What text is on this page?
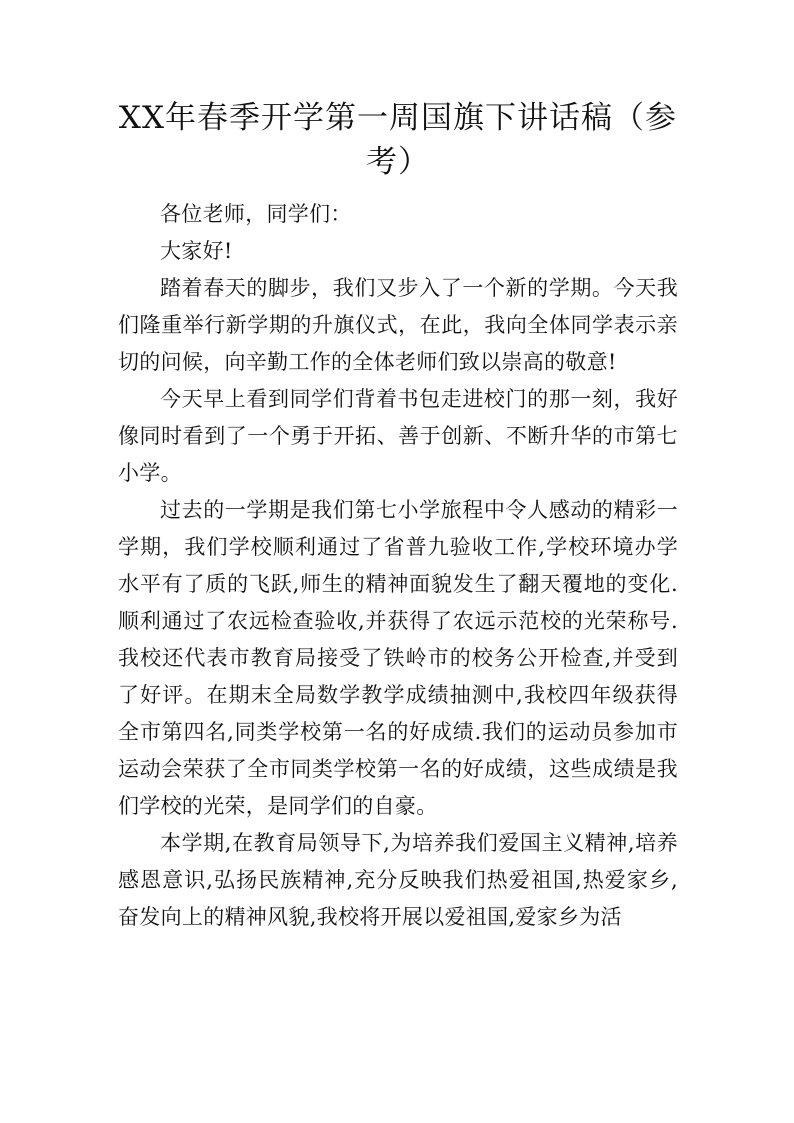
XX年春季开学第一周国旗下讲话稿（参考）

各位老师，同学们：

大家好!

踏着春天的脚步，我们又步入了一个新的学期。今天我们隆重举行新学期的升旗仪式，在此，我向全体同学表示亲切的问候，向辛勤工作的全体老师们致以崇高的敬意!

今天早上看到同学们背着书包走进校门的那一刻，我好像同时看到了一个勇于开拓、善于创新、不断升华的市第七小学。

过去的一学期是我们第七小学旅程中令人感动的精彩一学期，我们学校顺利通过了省普九验收工作,学校环境办学水平有了质的飞跃,师生的精神面貌发生了翻天覆地的变化.顺利通过了农远检查验收,并获得了农远示范校的光荣称号.我校还代表市教育局接受了铁岭市的校务公开检查,并受到了好评。在期末全局数学教学成绩抽测中,我校四年级获得全市第四名,同类学校第一名的好成绩.我们的运动员参加市运动会荣获了全市同类学校第一名的好成绩，这些成绩是我们学校的光荣，是同学们的自豪。

本学期,在教育局领导下,为培养我们爱国主义精神,培养感恩意识,弘扬民族精神,充分反映我们热爱祖国,热爱家乡,奋发向上的精神风貌,我校将开展以爱祖国,爱家乡为活
